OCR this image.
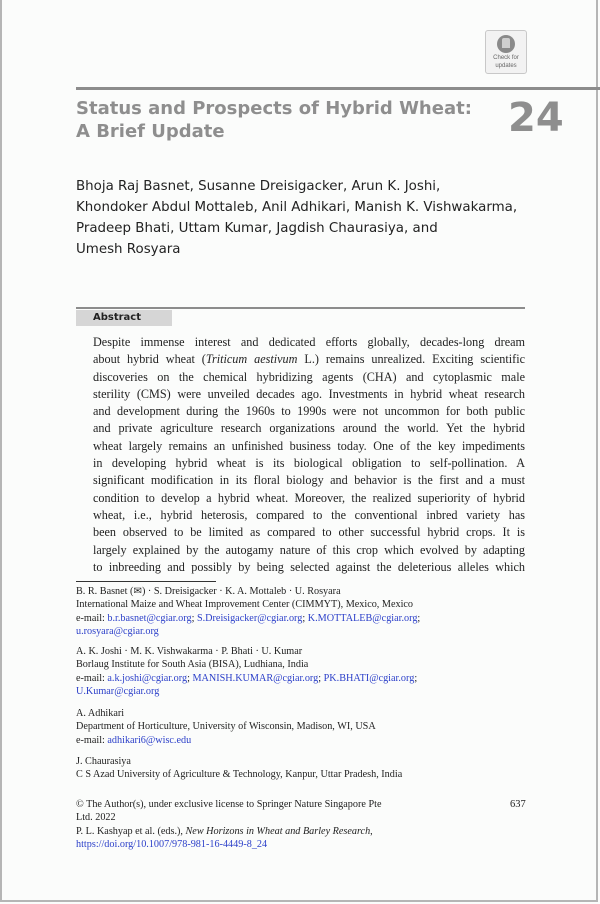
Check for
updates
Status and Prospects of Hybrid Wheat:
A Brief Update	24
Bhoja Raj Basnet, Susanne Dreisigacker, Arun K. Joshi,
Khondoker Abdul Mottaleb, Anil Adhikari, Manish K. Vishwakarma,
Pradeep Bhati, Uttam Kumar, Jagdish Chaurasiya, and
Umesh Rosyara
Abstract
Despite immense interest and dedicated efforts globally, decades-long dream
about hybrid wheat (Triticum aestivum L.) remains unrealized. Exciting scientific
discoveries on the chemical hybridizing agents (CHA) and cytoplasmic male
sterility (CMS) were unveiled decades ago. Investments in hybrid wheat research
and development during the 1960s to 1990s were not uncommon for both public
and private agriculture research organizations around the world. Yet the hybrid
wheat largely remains an unfinished business today. One of the key impediments
in developing hybrid wheat is its biological obligation to self-pollination. A
significant modification in its floral biology and behavior is the first and a must
condition to develop a hybrid wheat. Moreover, the realized superiority of hybrid
wheat, i.e., hybrid heterosis, compared to the conventional inbred variety has
been observed to be limited as compared to other successful hybrid crops. It is
largely explained by the autogamy nature of this crop which evolved by adapting
to inbreeding and possibly by being selected against the deleterious alleles which
B. R. Basnet (✉) · S. Dreisigacker · K. A. Mottaleb · U. Rosyara
International Maize and Wheat Improvement Center (CIMMYT), Mexico, Mexico
e-mail: b.r.basnet@cgiar.org; S.Dreisigacker@cgiar.org; K.MOTTALEB@cgiar.org; u.rosyara@cgiar.org
A. K. Joshi · M. K. Vishwakarma · P. Bhati · U. Kumar
Borlaug Institute for South Asia (BISA), Ludhiana, India
e-mail: a.k.joshi@cgiar.org; MANISH.KUMAR@cgiar.org; PK.BHATI@cgiar.org; U.Kumar@cgiar.org
A. Adhikari
Department of Horticulture, University of Wisconsin, Madison, WI, USA
e-mail: adhikari6@wisc.edu
J. Chaurasiya
C S Azad University of Agriculture & Technology, Kanpur, Uttar Pradesh, India
© The Author(s), under exclusive license to Springer Nature Singapore Pte
Ltd. 2022
P. L. Kashyap et al. (eds.), New Horizons in Wheat and Barley Research,
https://doi.org/10.1007/978-981-16-4449-8_24
637
